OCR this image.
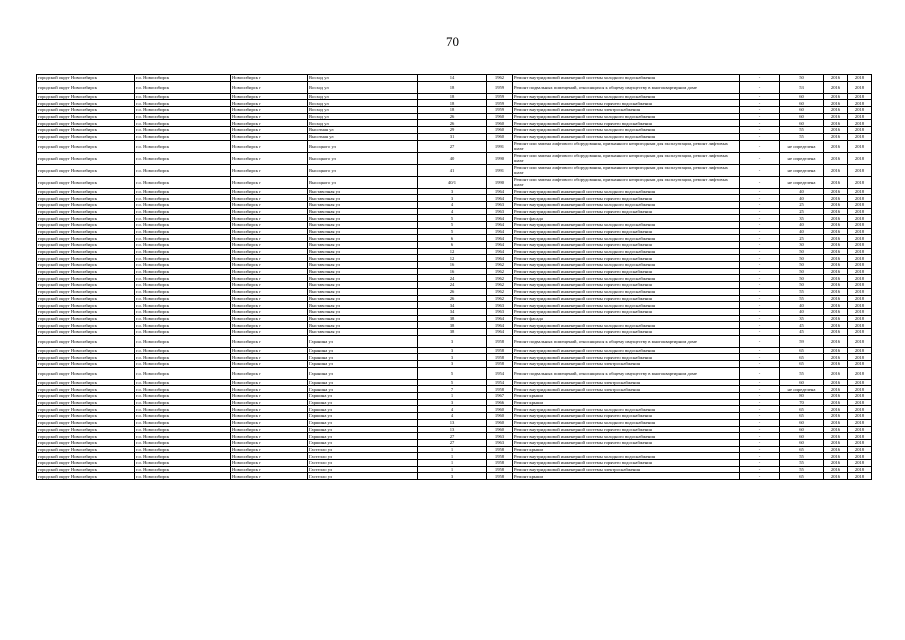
70
городской округ Новосибирск	г.о. Новосибирск	Новосибирск г	Восход ул	14	1962	Ремонт внутридомовой инженерной системы холодного водоснабжения	-	50	2016	2018
городской округ Новосибирск	г.о. Новосибирск	Новосибирск г	Восход ул	18	1959	Ремонт подвальных помещений, относящихся к общему имуществу в многоквартирном доме	-	53	2016	2018
городской округ Новосибирск	г.о. Новосибирск	Новосибирск г	Восход ул	18	1959	Ремонт внутридомовой инженерной системы холодного водоснабжения	-	60	2016	2018
городской округ Новосибирск	г.о. Новосибирск	Новосибирск г	Восход ул	18	1959	Ремонт внутридомовой инженерной системы горячего водоснабжения	-	60	2016	2018
городской округ Новосибирск	г.о. Новосибирск	Новосибирск г	Восход ул	18	1959	Ремонт внутридомовой инженерной системы электроснабжения	-	60	2016	2018
городской округ Новосибирск	г.о. Новосибирск	Новосибирск г	Восход ул	26	1960	Ремонт внутридомовой инженерной системы холодного водоснабжения	-	60	2016	2018
городской округ Новосибирск	г.о. Новосибирск	Новосибирск г	Восход ул	26	1960	Ремонт внутридомовой инженерной системы горячего водоснабжения	-	60	2016	2018
городской округ Новосибирск	г.о. Новосибирск	Новосибирск г	Высотная ул	29	1960	Ремонт внутридомовой инженерной системы холодного водоснабжения	-	55	2016	2018
городской округ Новосибирск	г.о. Новосибирск	Новосибирск г	Высотная ул	31	1960	Ремонт внутридомовой инженерной системы холодного водоснабжения	-	55	2016	2018
городской округ Новосибирск	г.о. Новосибирск	Новосибирск г	Высоцкого ул	27	1991	Ремонт или замена лифтового оборудования, признанного непригодным для эксплуатации, ремонт лифтовых шахт	-	не определена	2016	2018
городской округ Новосибирск	г.о. Новосибирск	Новосибирск г	Высоцкого ул	40	1990	Ремонт или замена лифтового оборудования, признанного непригодным для эксплуатации, ремонт лифтовых шахт	-	не определена	2016	2018
городской округ Новосибирск	г.о. Новосибирск	Новосибирск г	Высоцкого ул	41	1991	Ремонт или замена лифтового оборудования, признанного непригодным для эксплуатации, ремонт лифтовых шахт	-	не определена	2016	2018
городской округ Новосибирск	г.о. Новосибирск	Новосибирск г	Высоцкого ул	40/1	1990	Ремонт или замена лифтового оборудования, признанного непригодным для эксплуатации, ремонт лифтовых шахт	-	не определена	2016	2018
городской округ Новосибирск	г.о. Новосибирск	Новосибирск г	Выставочная ул	3	1964	Ремонт внутридомовой инженерной системы холодного водоснабжения	-	40	2016	2018
городской округ Новосибирск	г.о. Новосибирск	Новосибирск г	Выставочная ул	3	1964	Ремонт внутридомовой инженерной системы горячего водоснабжения	-	40	2016	2018
городской округ Новосибирск	г.о. Новосибирск	Новосибирск г	Выставочная ул	4	1963	Ремонт внутридомовой инженерной системы холодного водоснабжения	-	25	2016	2018
городской округ Новосибирск	г.о. Новосибирск	Новосибирск г	Выставочная ул	4	1963	Ремонт внутридомовой инженерной системы горячего водоснабжения	-	25	2016	2018
городской округ Новосибирск	г.о. Новосибирск	Новосибирск г	Выставочная ул	5	1964	Ремонт фасада	-	35	2016	2018
городской округ Новосибирск	г.о. Новосибирск	Новосибирск г	Выставочная ул	5	1964	Ремонт внутридомовой инженерной системы холодного водоснабжения	-	40	2016	2018
городской округ Новосибирск	г.о. Новосибирск	Новосибирск г	Выставочная ул	5	1964	Ремонт внутридомовой инженерной системы горячего водоснабжения	-	40	2016	2018
городской округ Новосибирск	г.о. Новосибирск	Новосибирск г	Выставочная ул	6	1964	Ремонт внутридомовой инженерной системы холодного водоснабжения	-	25	2016	2018
городской округ Новосибирск	г.о. Новосибирск	Новосибирск г	Выставочная ул	6	1964	Ремонт внутридомовой инженерной системы горячего водоснабжения	-	30	2016	2018
городской округ Новосибирск	г.о. Новосибирск	Новосибирск г	Выставочная ул	12	1964	Ремонт внутридомовой инженерной системы холодного водоснабжения	-	50	2016	2018
городской округ Новосибирск	г.о. Новосибирск	Новосибирск г	Выставочная ул	12	1964	Ремонт внутридомовой инженерной системы горячего водоснабжения	-	50	2016	2018
городской округ Новосибирск	г.о. Новосибирск	Новосибирск г	Выставочная ул	16	1962	Ремонт внутридомовой инженерной системы холодного водоснабжения	-	50	2016	2018
городской округ Новосибирск	г.о. Новосибирск	Новосибирск г	Выставочная ул	16	1962	Ремонт внутридомовой инженерной системы горячего водоснабжения	-	50	2016	2018
городской округ Новосибирск	г.о. Новосибирск	Новосибирск г	Выставочная ул	24	1962	Ремонт внутридомовой инженерной системы холодного водоснабжения	-	50	2016	2018
городской округ Новосибирск	г.о. Новосибирск	Новосибирск г	Выставочная ул	24	1962	Ремонт внутридомовой инженерной системы горячего водоснабжения	-	50	2016	2018
городской округ Новосибирск	г.о. Новосибирск	Новосибирск г	Выставочная ул	26	1962	Ремонт внутридомовой инженерной системы холодного водоснабжения	-	55	2016	2018
городской округ Новосибирск	г.о. Новосибирск	Новосибирск г	Выставочная ул	26	1962	Ремонт внутридомовой инженерной системы горячего водоснабжения	-	55	2016	2018
городской округ Новосибирск	г.о. Новосибирск	Новосибирск г	Выставочная ул	34	1963	Ремонт внутридомовой инженерной системы холодного водоснабжения	-	40	2016	2018
городской округ Новосибирск	г.о. Новосибирск	Новосибирск г	Выставочная ул	34	1963	Ремонт внутридомовой инженерной системы горячего водоснабжения	-	40	2016	2018
городской округ Новосибирск	г.о. Новосибирск	Новосибирск г	Выставочная ул	38	1964	Ремонт фасада	-	35	2016	2018
городской округ Новосибирск	г.о. Новосибирск	Новосибирск г	Выставочная ул	38	1964	Ремонт внутридомовой инженерной системы холодного водоснабжения	-	45	2016	2018
городской округ Новосибирск	г.о. Новосибирск	Новосибирск г	Выставочная ул	38	1964	Ремонт внутридомовой инженерной системы горячего водоснабжения	-	45	2016	2018
городской округ Новосибирск	г.о. Новосибирск	Новосибирск г	Гаранина ул	3	1958	Ремонт подвальных помещений, относящихся к общему имуществу в многоквартирном доме	-	59	2016	2018
городской округ Новосибирск	г.о. Новосибирск	Новосибирск г	Гаранина ул	3	1958	Ремонт внутридомовой инженерной системы холодного водоснабжения	-	65	2016	2018
городской округ Новосибирск	г.о. Новосибирск	Новосибирск г	Гаранина ул	3	1958	Ремонт внутридомовой инженерной системы горячего водоснабжения	-	65	2016	2018
городской округ Новосибирск	г.о. Новосибирск	Новосибирск г	Гаранина ул	3	1958	Ремонт внутридомовой инженерной системы электроснабжения	-	65	2016	2018
городской округ Новосибирск	г.о. Новосибирск	Новосибирск г	Гаранина ул	5	1954	Ремонт подвальных помещений, относящихся к общему имуществу в многоквартирном доме	-	55	2016	2018
городской округ Новосибирск	г.о. Новосибирск	Новосибирск г	Гаранина ул	5	1954	Ремонт внутридомовой инженерной системы электроснабжения	-	60	2016	2018
городской округ Новосибирск	г.о. Новосибирск	Новосибирск г	Гаранина ул	7	1958	Ремонт внутридомовой инженерной системы электроснабжения	-	не определена	2016	2018
городской округ Новосибирск	г.о. Новосибирск	Новосибирск г	Гаршина ул	1	1967	Ремонт крыши	-	80	2016	2018
городской округ Новосибирск	г.о. Новосибирск	Новосибирск г	Гаршина ул	3	1966	Ремонт крыши	-	70	2016	2018
городской округ Новосибирск	г.о. Новосибирск	Новосибирск г	Гаршина ул	4	1960	Ремонт внутридомовой инженерной системы холодного водоснабжения	-	65	2016	2018
городской округ Новосибирск	г.о. Новосибирск	Новосибирск г	Гаршина ул	4	1960	Ремонт внутридомовой инженерной системы горячего водоснабжения	-	65	2016	2018
городской округ Новосибирск	г.о. Новосибирск	Новосибирск г	Гаршина ул	13	1960	Ремонт внутридомовой инженерной системы холодного водоснабжения	-	60	2016	2018
городской округ Новосибирск	г.о. Новосибирск	Новосибирск г	Гаршина ул	13	1960	Ремонт внутридомовой инженерной системы горячего водоснабжения	-	60	2016	2018
городской округ Новосибирск	г.о. Новосибирск	Новосибирск г	Гаршина ул	27	1963	Ремонт внутридомовой инженерной системы холодного водоснабжения	-	60	2016	2018
городской округ Новосибирск	г.о. Новосибирск	Новосибирск г	Гаршина ул	27	1963	Ремонт внутридомовой инженерной системы горячего водоснабжения	-	60	2016	2018
городской округ Новосибирск	г.о. Новосибирск	Новосибирск г	Гастелло ул	1	1958	Ремонт крыши	-	65	2016	2018
городской округ Новосибирск	г.о. Новосибирск	Новосибирск г	Гастелло ул	1	1958	Ремонт внутридомовой инженерной системы холодного водоснабжения	-	55	2016	2018
городской округ Новосибирск	г.о. Новосибирск	Новосибирск г	Гастелло ул	1	1958	Ремонт внутридомовой инженерной системы горячего водоснабжения	-	55	2016	2018
городской округ Новосибирск	г.о. Новосибирск	Новосибирск г	Гастелло ул	1	1958	Ремонт внутридомовой инженерной системы электроснабжения	-	55	2016	2018
городской округ Новосибирск	г.о. Новосибирск	Новосибирск г	Гастелло ул	3	1958	Ремонт крыши	-	65	2016	2018
